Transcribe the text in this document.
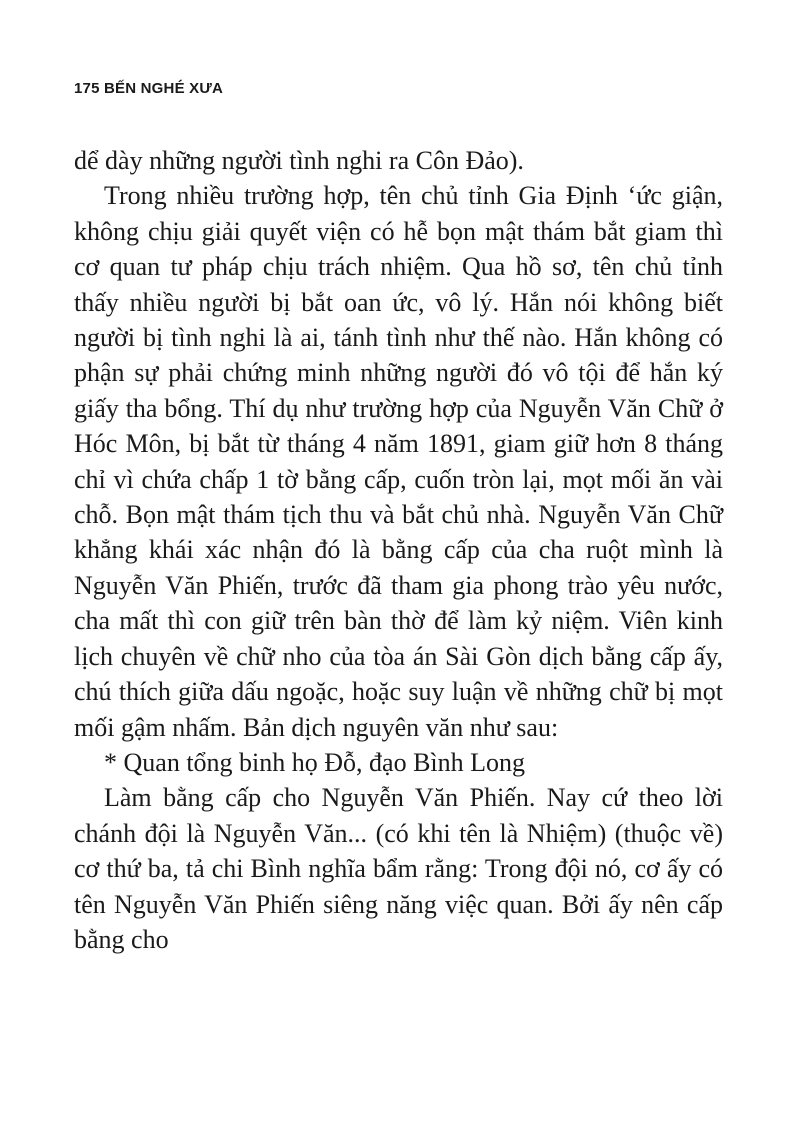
175 BẾN NGHÉ XƯA

dể dày những người tình nghi ra Côn Đảo).

Trong nhiều trường hợp, tên chủ tỉnh Gia Định ‘ức giận, không chịu giải quyết viện có hễ bọn mật thám bắt giam thì cơ quan tư pháp chịu trách nhiệm. Qua hồ sơ, tên chủ tỉnh thấy nhiều người bị bắt oan ức, vô lý. Hắn nói không biết người bị tình nghi là ai, tánh tình như thế nào. Hắn không có phận sự phải chứng minh những người đó vô tội để hắn ký giấy tha bổng. Thí dụ như trường hợp của Nguyễn Văn Chữ ở Hóc Môn, bị bắt từ tháng 4 năm 1891, giam giữ hơn 8 tháng chỉ vì chứa chấp 1 tờ bằng cấp, cuốn tròn lại, mọt mối ăn vài chỗ. Bọn mật thám tịch thu và bắt chủ nhà. Nguyễn Văn Chữ khẳng khái xác nhận đó là bằng cấp của cha ruột mình là Nguyễn Văn Phiến, trước đã tham gia phong trào yêu nước, cha mất thì con giữ trên bàn thờ để làm kỷ niệm. Viên kinh lịch chuyên về chữ nho của tòa án Sài Gòn dịch bằng cấp ấy, chú thích giữa dấu ngoặc, hoặc suy luận về những chữ bị mọt mối gậm nhấm. Bản dịch nguyên văn như sau:

* Quan tổng binh họ Đỗ, đạo Bình Long

Làm bằng cấp cho Nguyễn Văn Phiến. Nay cứ theo lời chánh đội là Nguyễn Văn... (có khi tên là Nhiệm) (thuộc về) cơ thứ ba, tả chi Bình nghĩa bẩm rằng: Trong đội nó, cơ ấy có tên Nguyễn Văn Phiến siêng năng việc quan. Bởi ấy nên cấp bằng cho
